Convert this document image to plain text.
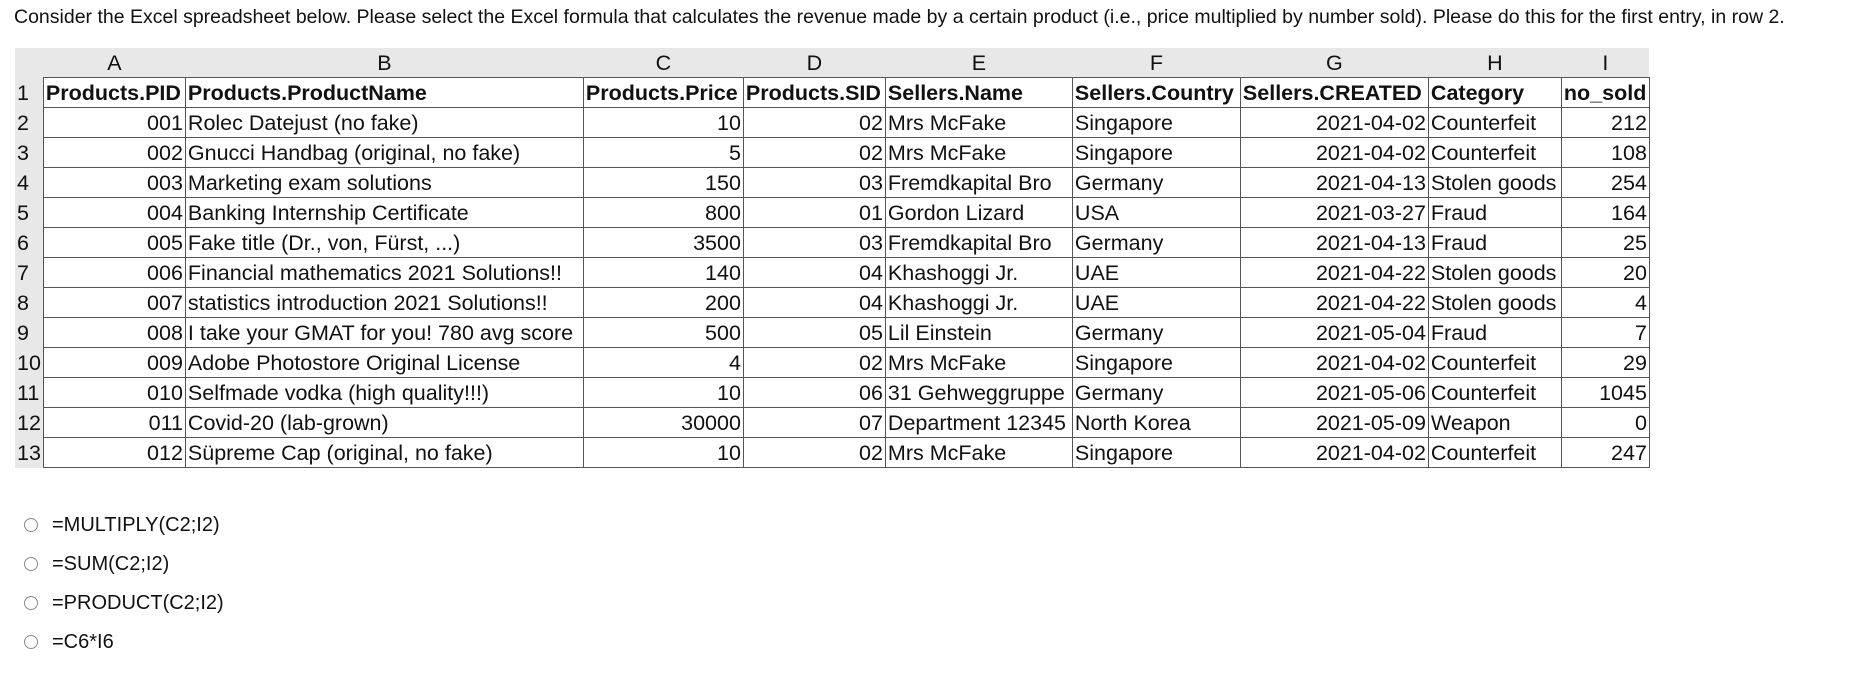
Consider the Excel spreadsheet below. Please select the Excel formula that calculates the revenue made by a certain product (i.e., price multiplied by number sold). Please do this for the first entry, in row 2.
	A	B	C	D	E	F	G	H	I
1	Products.PID	Products.ProductName	Products.Price	Products.SID	Sellers.Name	Sellers.Country	Sellers.CREATED	Category	no_sold
2	001	Rolec Datejust (no fake)	10	02	Mrs McFake	Singapore	2021-04-02	Counterfeit	212
3	002	Gnucci Handbag (original, no fake)	5	02	Mrs McFake	Singapore	2021-04-02	Counterfeit	108
4	003	Marketing exam solutions	150	03	Fremdkapital Bro	Germany	2021-04-13	Stolen goods	254
5	004	Banking Internship Certificate	800	01	Gordon Lizard	USA	2021-03-27	Fraud	164
6	005	Fake title (Dr., von, Fürst, ...)	3500	03	Fremdkapital Bro	Germany	2021-04-13	Fraud	25
7	006	Financial mathematics 2021 Solutions!!	140	04	Khashoggi Jr.	UAE	2021-04-22	Stolen goods	20
8	007	statistics introduction 2021 Solutions!!	200	04	Khashoggi Jr.	UAE	2021-04-22	Stolen goods	4
9	008	I take your GMAT for you! 780 avg score	500	05	Lil Einstein	Germany	2021-05-04	Fraud	7
10	009	Adobe Photostore Original License	4	02	Mrs McFake	Singapore	2021-04-02	Counterfeit	29
11	010	Selfmade vodka (high quality!!!)	10	06	31 Gehweggruppe	Germany	2021-05-06	Counterfeit	1045
12	011	Covid-20 (lab-grown)	30000	07	Department 12345	North Korea	2021-05-09	Weapon	0
13	012	Süpreme Cap (original, no fake)	10	02	Mrs McFake	Singapore	2021-04-02	Counterfeit	247
=MULTIPLY(C2;I2)
=SUM(C2;I2)
=PRODUCT(C2;I2)
=C6*I6
